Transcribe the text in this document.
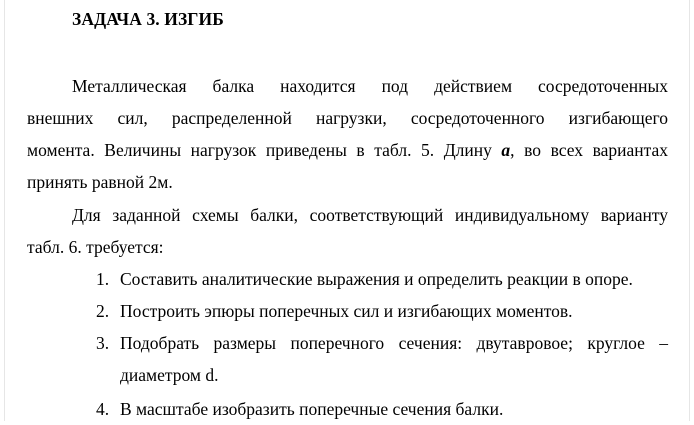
ЗАДАЧА 3. ИЗГИБ
Металлическая балка находится под действием сосредоточенных
внешних сил, распределенной нагрузки, сосредоточенного изгибающего
момента. Величины нагрузок приведены в табл. 5. Длину a, во всех вариантах
принять равной 2м.
Для заданной схемы балки, соответствующий индивидуальному варианту
табл. 6. требуется:
1. Составить аналитические выражения и определить реакции в опоре.
2. Построить эпюры поперечных сил и изгибающих моментов.
3. Подобрать размеры поперечного сечения: двутавровое; круглое –
диаметром d.
4. В масштабе изобразить поперечные сечения балки.
